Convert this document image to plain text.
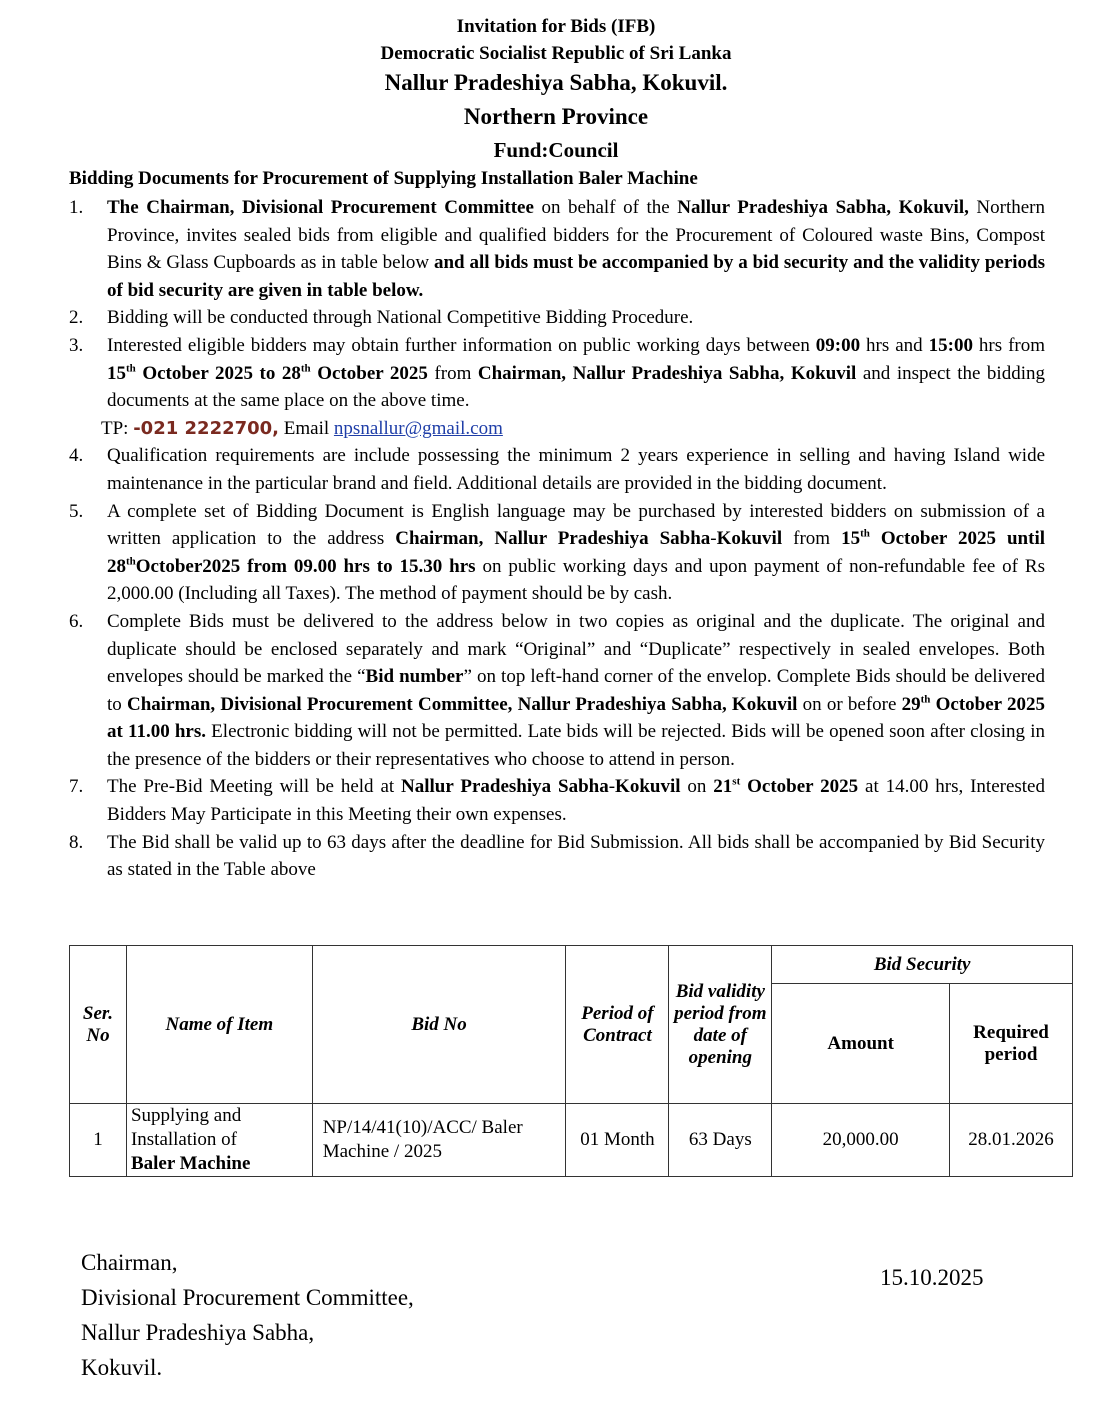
Invitation for Bids (IFB)
Democratic Socialist Republic of Sri Lanka
Nallur Pradeshiya Sabha, Kokuvil.
Northern Province
Fund:Council
Bidding Documents for Procurement of Supplying Installation Baler Machine
1.	The Chairman, Divisional Procurement Committee on behalf of the Nallur Pradeshiya Sabha, Kokuvil, Northern Province, invites sealed bids from eligible and qualified bidders for the Procurement of Coloured waste Bins, Compost Bins & Glass Cupboards as in table below and all bids must be accompanied by a bid security and the validity periods of bid security are given in table below.
2.	Bidding will be conducted through National Competitive Bidding Procedure.
3.	Interested eligible bidders may obtain further information on public working days between 09:00 hrs and 15:00 hrs from 15th October 2025 to 28th October 2025 from Chairman, Nallur Pradeshiya Sabha, Kokuvil and inspect the bidding documents at the same place on the above time.
TP: -021 2222700, Email npsnallur@gmail.com
4.	Qualification requirements are include possessing the minimum 2 years experience in selling and having Island wide maintenance in the particular brand and field. Additional details are provided in the bidding document.
5.	A complete set of Bidding Document is English language may be purchased by interested bidders on submission of a written application to the address Chairman, Nallur Pradeshiya Sabha-Kokuvil from 15th October 2025 until 28thOctober2025 from 09.00 hrs to 15.30 hrs on public working days and upon payment of non-refundable fee of Rs 2,000.00 (Including all Taxes). The method of payment should be by cash.
6.	Complete Bids must be delivered to the address below in two copies as original and the duplicate. The original and duplicate should be enclosed separately and mark “Original” and “Duplicate” respectively in sealed envelopes. Both envelopes should be marked the “Bid number” on top left-hand corner of the envelop. Complete Bids should be delivered to Chairman, Divisional Procurement Committee, Nallur Pradeshiya Sabha, Kokuvil on or before 29th October 2025 at 11.00 hrs. Electronic bidding will not be permitted. Late bids will be rejected. Bids will be opened soon after closing in the presence of the bidders or their representatives who choose to attend in person.
7.	The Pre-Bid Meeting will be held at Nallur Pradeshiya Sabha-Kokuvil on 21st October 2025 at 14.00 hrs, Interested Bidders May Participate in this Meeting their own expenses.
8.	The Bid shall be valid up to 63 days after the deadline for Bid Submission. All bids shall be accompanied by Bid Security as stated in the Table above
Ser. No	Name of Item	Bid No	Period of Contract	Bid validity period from date of opening	Bid Security	
					Amount	Required period
1	Supplying and Installation of
Baler Machine	NP/14/41(10)/ACC/ Baler Machine / 2025	01 Month	63 Days	20,000.00	28.01.2026
Chairman,
Divisional Procurement Committee,
Nallur Pradeshiya Sabha,
Kokuvil.
15.10.2025
